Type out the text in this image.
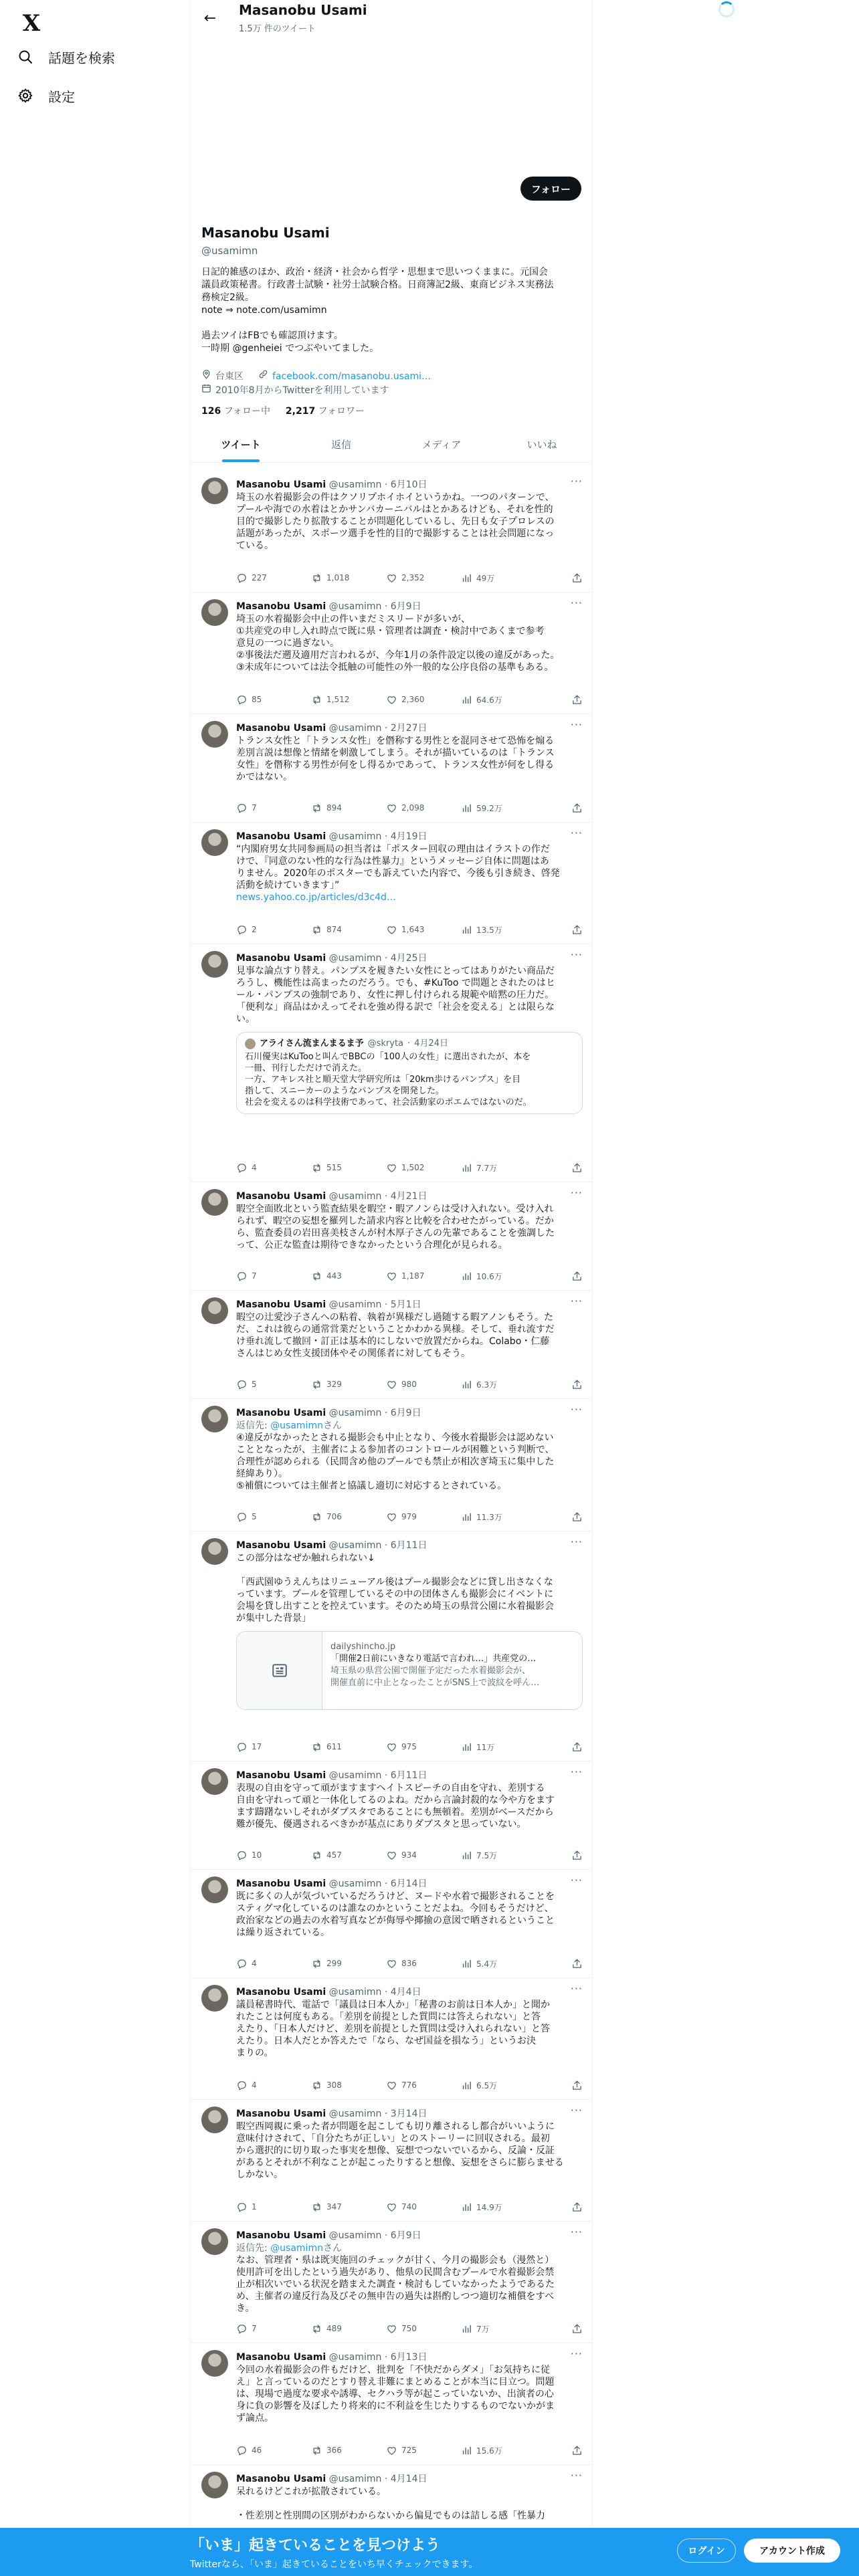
X
話題を検索
設定
← Masanobu Usami
1.5万 件のツイート
フォロー
Masanobu Usami
@usamimn
日記的雑感のほか、政治・経済・社会から哲学・思想まで思いつくままに。元国会
議員政策秘書。行政書士試験・社労士試験合格。日商簿記2級、東商ビジネス実務法
務検定2級。
note ⇒ note.com/usamimn
過去ツイはFBでも確認頂けます。
一時期 @genheiei でつぶやいてました。
台東区	facebook.com/masanobu.usami…
2010年8月からTwitterを利用しています
126 フォロー中 2,217 フォロワー
ツイート	返信	メディア	いいね
Masanobu Usami @usamimn · 6月10日	···
埼玉の水着撮影会の件はクソリプホイホイというかね。一つのパターンで、
プールや海での水着はとかサンバカーニバルはとかあるけども、それを性的
目的で撮影したり拡散することが問題化しているし、先日も女子プロレスの
話題があったが、スポーツ選手を性的目的で撮影することは社会問題になっ
ている。
227	1,018	2,352	49万
Masanobu Usami @usamimn · 6月9日	···
埼玉の水着撮影会中止の件いまだミスリードが多いが、
①共産党の申し入れ時点で既に県・管理者は調査・検討中であくまで参考
意見の一つに過ぎない。
②事後法だ遡及適用だ言われるが、今年1月の条件設定以後の違反があった。
③未成年については法令抵触の可能性の外一般的な公序良俗の基準もある。
85	1,512	2,360	64.6万
Masanobu Usami @usamimn · 2月27日	···
トランス女性と「トランス女性」を僭称する男性とを混同させて恐怖を煽る
差別言説は想像と情緒を刺激してしまう。それが描いているのは「トランス
女性」を僭称する男性が何をし得るかであって、トランス女性が何をし得る
かではない。
7	894	2,098	59.2万
Masanobu Usami @usamimn · 4月19日	···
“内閣府男女共同参画局の担当者は「ポスター回収の理由はイラストの作だ
けで、『同意のない性的な行為は性暴力』というメッセージ自体に問題はあ
りません。2020年のポスターでも訴えていた内容で、今後も引き続き、啓発
活動を続けていきます」”
news.yahoo.co.jp/articles/d3c4d…
2	874	1,643	13.5万
Masanobu Usami @usamimn · 4月25日	···
見事な論点すり替え。パンプスを履きたい女性にとってはありがたい商品だ
ろうし、機能性は高まったのだろう。でも、#KuToo で問題とされたのはヒ
ール・パンプスの強制であり、女性に押し付けられる規範や暗黙の圧力だ。
「便利な」商品はかえってそれを強め得る訳で「社会を変える」とは限らな
い。
アライさん流まんまるま予 @skryta · 4月24日
石川優実はKuTooと叫んでBBCの「100人の女性」に選出されたが、本を
一冊、刊行しただけで消えた。
一方、アキレス社と順天堂大学研究所は「20km歩けるパンプス」を目
指して、スニーカーのようなパンプスを開発した。
社会を変えるのは科学技術であって、社会活動家のポエムではないのだ。
4	515	1,502	7.7万
Masanobu Usami @usamimn · 4月21日	···
暇空全面敗北という監査結果を暇空・暇アノンらは受け入れない。受け入れ
られず、暇空の妄想を羅列した請求内容と比較を合わせたがっている。だか
ら、監査委員の岩田喜美枝さんが村木厚子さんの先輩であることを強調した
って、公正な監査は期待できなかったという合理化が見られる。
7	443	1,187	10.6万
Masanobu Usami @usamimn · 5月1日	···
暇空の辻愛沙子さんへの粘着、執着が異様だし過随する暇アノンもそう。た
だ、これは彼らの通常営業だということかわかる異様。そして、垂れ流すだ
け垂れ流して撤回・訂正は基本的にしないで放置だからね。Colabo・仁藤
さんはじめ女性支援団体やその関係者に対してもそう。
5	329	980	6.3万
Masanobu Usami @usamimn · 6月9日	···
返信先: @usamimnさん
④違反がなかったとされる撮影会も中止となり、今後水着撮影会は認めない
こととなったが、主催者による参加者のコントロールが困難という判断で、
合理性が認められる（民間含め他のプールでも禁止が相次ぎ埼玉に集中した
経緯あり）。
⑤補償については主催者と協議し適切に対応するとされている。
5	706	979	11.3万
Masanobu Usami @usamimn · 6月11日	···
この部分はなぜか触れられない↓
「西武園ゆうえんちはリニューアル後はプール撮影会などに貸し出さなくな
っています。プールを管理しているその中の団体さんも撮影会にイベントに
会場を貸し出すことを控えています。そのため埼玉の県営公園に水着撮影会
が集中した背景」
dailyshincho.jp
「開催2日前にいきなり電話で言われ…」共産党の…
埼玉県の県営公園で開催予定だった水着撮影会が、
開催直前に中止となったことがSNS上で波紋を呼ん…
17	611	975	11万
Masanobu Usami @usamimn · 6月11日	···
表現の自由を守って頑がますますヘイトスピーチの自由を守れ、差別する
自由を守れって頑と一体化してるのよね。だから言論封殺的な今や方をます
ます躊躇ないしそれがダブスタであることにも無頓着。差別がベースだから
難が優先、優遇されるべきかが基点にありダブスタと思っていない。
10	457	934	7.5万
Masanobu Usami @usamimn · 6月14日	···
既に多くの人が気づいているだろうけど、ヌードや水着で撮影されることを
スティグマ化しているのは誰なのかということだよね。今回もそうだけど、
政治家などの過去の水着写真などが侮辱や揶揄の意図で晒されるということ
は繰り返されている。
4	299	836	5.4万
Masanobu Usami @usamimn · 4月4日	···
議員秘書時代、電話で「議員は日本人か」「秘書のお前は日本人か」と聞か
れたことは何度もある。「差別を前提とした質問には答えられない」と答
えたり、「日本人だけど、差別を前提とした質問は受け入れられない」と答
えたり。日本人だとか答えたで「なら、なぜ国益を損なう」というお決
まりの。
4	308	776	6.5万
Masanobu Usami @usamimn · 3月14日	···
暇空西岡親に乗った者が問題を起こしても切り離されるし都合がいいように
意味付けされて、「自分たちが正しい」とのストーリーに回収される。最初
から選択的に切り取った事実を想像、妄想でつないでいるから、反論・反証
があるとそれが不利なことが起こったりすると想像、妄想をさらに膨らませる
しかない。
1	347	740	14.9万
Masanobu Usami @usamimn · 6月9日	···
返信先: @usamimnさん
なお、管理者・県は既実施回のチェックが甘く、今月の撮影会も（漫然と）
使用許可を出したという過失があり、他県の民間含むプールで水着撮影会禁
止が相次いでいる状況を踏まえた調査・検討もしていなかったようであるた
め、主催者の違反行為及びその無申告の過失は斟酌しつつ適切な補償をすべ
き。
7	489	750	7万
Masanobu Usami @usamimn · 6月13日	···
今回の水着撮影会の件もだけど、批判を「不快だからダメ」「お気持ちに従
え」と言っているのだとすり替え非難にまとめることが本当に目立つ。問題
は、現場で過度な要求や誘導、セクハラ等が起こっていないか、出演者の心
身に負の影響を及ぼしたり将来的に不利益を生じたりするものでないかがま
ず論点。
46	366	725	15.6万
Masanobu Usami @usamimn · 4月14日	···
呆れるけどこれが拡散されている。
・性差別と性別間の区別がわからないから偏見でものは詰しる感「性暴力
「いま」起きていることを見つけよう
Twitterなら、「いま」起きていることをいち早くチェックできます。
ログイン	アカウント作成
